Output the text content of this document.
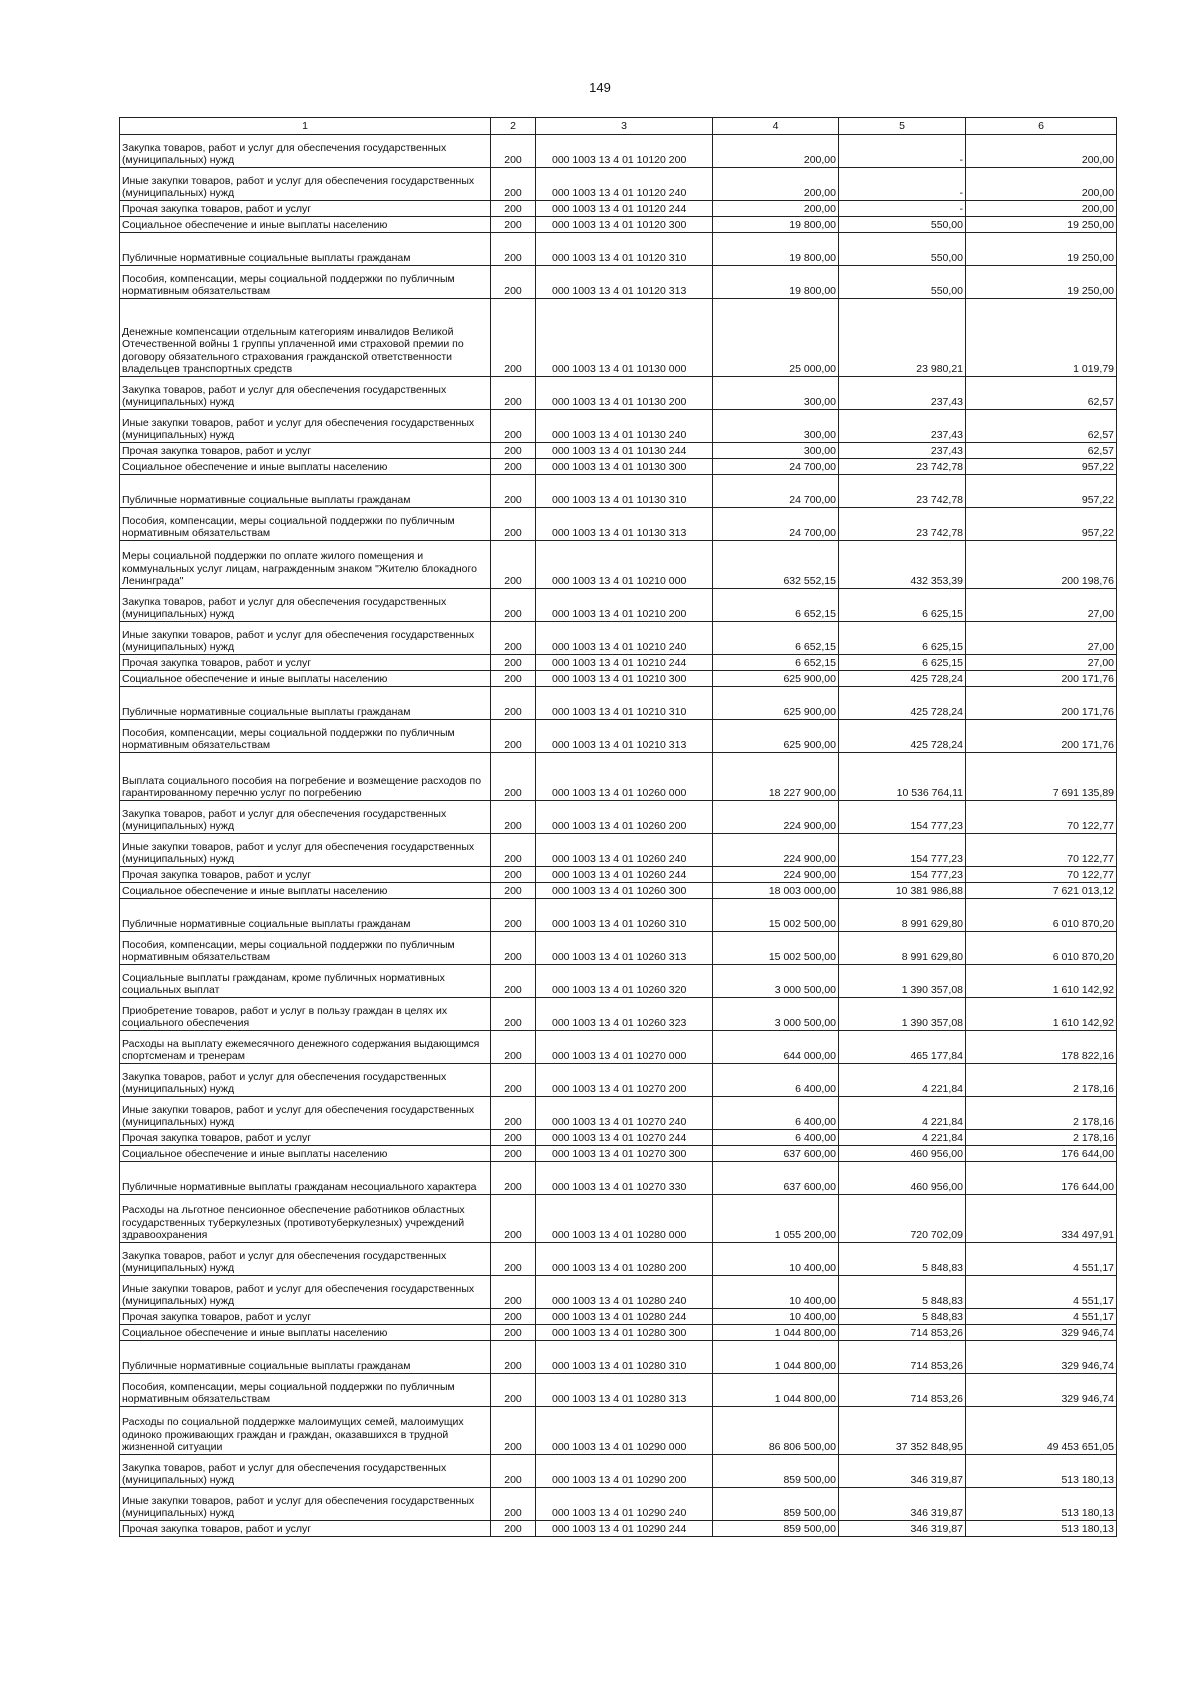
149
1	2	3	4	5	6
Закупка товаров, работ и услуг для обеспечения государственных (муниципальных) нужд	200	000 1003 13 4 01 10120 200	200,00	-	200,00
Иные закупки товаров, работ и услуг для обеспечения государственных (муниципальных) нужд	200	000 1003 13 4 01 10120 240	200,00	-	200,00
Прочая закупка товаров, работ и услуг	200	000 1003 13 4 01 10120 244	200,00	-	200,00
Социальное обеспечение и иные выплаты населению	200	000 1003 13 4 01 10120 300	19 800,00	550,00	19 250,00
Публичные нормативные социальные выплаты гражданам	200	000 1003 13 4 01 10120 310	19 800,00	550,00	19 250,00
Пособия, компенсации, меры социальной поддержки по публичным нормативным обязательствам	200	000 1003 13 4 01 10120 313	19 800,00	550,00	19 250,00
Денежные компенсации отдельным категориям инвалидов Великой Отечественной войны 1 группы уплаченной ими страховой премии по договору обязательного страхования гражданской ответственности владельцев транспортных средств	200	000 1003 13 4 01 10130 000	25 000,00	23 980,21	1 019,79
Закупка товаров, работ и услуг для обеспечения государственных (муниципальных) нужд	200	000 1003 13 4 01 10130 200	300,00	237,43	62,57
Иные закупки товаров, работ и услуг для обеспечения государственных (муниципальных) нужд	200	000 1003 13 4 01 10130 240	300,00	237,43	62,57
Прочая закупка товаров, работ и услуг	200	000 1003 13 4 01 10130 244	300,00	237,43	62,57
Социальное обеспечение и иные выплаты населению	200	000 1003 13 4 01 10130 300	24 700,00	23 742,78	957,22
Публичные нормативные социальные выплаты гражданам	200	000 1003 13 4 01 10130 310	24 700,00	23 742,78	957,22
Пособия, компенсации, меры социальной поддержки по публичным нормативным обязательствам	200	000 1003 13 4 01 10130 313	24 700,00	23 742,78	957,22
Меры социальной поддержки по оплате жилого помещения и коммунальных услуг лицам, награжденным знаком "Жителю блокадного Ленинграда"	200	000 1003 13 4 01 10210 000	632 552,15	432 353,39	200 198,76
Закупка товаров, работ и услуг для обеспечения государственных (муниципальных) нужд	200	000 1003 13 4 01 10210 200	6 652,15	6 625,15	27,00
Иные закупки товаров, работ и услуг для обеспечения государственных (муниципальных) нужд	200	000 1003 13 4 01 10210 240	6 652,15	6 625,15	27,00
Прочая закупка товаров, работ и услуг	200	000 1003 13 4 01 10210 244	6 652,15	6 625,15	27,00
Социальное обеспечение и иные выплаты населению	200	000 1003 13 4 01 10210 300	625 900,00	425 728,24	200 171,76
Публичные нормативные социальные выплаты гражданам	200	000 1003 13 4 01 10210 310	625 900,00	425 728,24	200 171,76
Пособия, компенсации, меры социальной поддержки по публичным нормативным обязательствам	200	000 1003 13 4 01 10210 313	625 900,00	425 728,24	200 171,76
Выплата социального пособия на погребение и возмещение расходов по гарантированному перечню услуг по погребению	200	000 1003 13 4 01 10260 000	18 227 900,00	10 536 764,11	7 691 135,89
Закупка товаров, работ и услуг для обеспечения государственных (муниципальных) нужд	200	000 1003 13 4 01 10260 200	224 900,00	154 777,23	70 122,77
Иные закупки товаров, работ и услуг для обеспечения государственных (муниципальных) нужд	200	000 1003 13 4 01 10260 240	224 900,00	154 777,23	70 122,77
Прочая закупка товаров, работ и услуг	200	000 1003 13 4 01 10260 244	224 900,00	154 777,23	70 122,77
Социальное обеспечение и иные выплаты населению	200	000 1003 13 4 01 10260 300	18 003 000,00	10 381 986,88	7 621 013,12
Публичные нормативные социальные выплаты гражданам	200	000 1003 13 4 01 10260 310	15 002 500,00	8 991 629,80	6 010 870,20
Пособия, компенсации, меры социальной поддержки по публичным нормативным обязательствам	200	000 1003 13 4 01 10260 313	15 002 500,00	8 991 629,80	6 010 870,20
Социальные выплаты гражданам, кроме публичных нормативных социальных выплат	200	000 1003 13 4 01 10260 320	3 000 500,00	1 390 357,08	1 610 142,92
Приобретение товаров, работ и услуг в пользу граждан в целях их социального обеспечения	200	000 1003 13 4 01 10260 323	3 000 500,00	1 390 357,08	1 610 142,92
Расходы на выплату ежемесячного денежного содержания выдающимся спортсменам и тренерам	200	000 1003 13 4 01 10270 000	644 000,00	465 177,84	178 822,16
Закупка товаров, работ и услуг для обеспечения государственных (муниципальных) нужд	200	000 1003 13 4 01 10270 200	6 400,00	4 221,84	2 178,16
Иные закупки товаров, работ и услуг для обеспечения государственных (муниципальных) нужд	200	000 1003 13 4 01 10270 240	6 400,00	4 221,84	2 178,16
Прочая закупка товаров, работ и услуг	200	000 1003 13 4 01 10270 244	6 400,00	4 221,84	2 178,16
Социальное обеспечение и иные выплаты населению	200	000 1003 13 4 01 10270 300	637 600,00	460 956,00	176 644,00
Публичные нормативные выплаты гражданам несоциального характера	200	000 1003 13 4 01 10270 330	637 600,00	460 956,00	176 644,00
Расходы на льготное пенсионное обеспечение работников областных государственных туберкулезных (противотуберкулезных) учреждений здравоохранения	200	000 1003 13 4 01 10280 000	1 055 200,00	720 702,09	334 497,91
Закупка товаров, работ и услуг для обеспечения государственных (муниципальных) нужд	200	000 1003 13 4 01 10280 200	10 400,00	5 848,83	4 551,17
Иные закупки товаров, работ и услуг для обеспечения государственных (муниципальных) нужд	200	000 1003 13 4 01 10280 240	10 400,00	5 848,83	4 551,17
Прочая закупка товаров, работ и услуг	200	000 1003 13 4 01 10280 244	10 400,00	5 848,83	4 551,17
Социальное обеспечение и иные выплаты населению	200	000 1003 13 4 01 10280 300	1 044 800,00	714 853,26	329 946,74
Публичные нормативные социальные выплаты гражданам	200	000 1003 13 4 01 10280 310	1 044 800,00	714 853,26	329 946,74
Пособия, компенсации, меры социальной поддержки по публичным нормативным обязательствам	200	000 1003 13 4 01 10280 313	1 044 800,00	714 853,26	329 946,74
Расходы по социальной поддержке малоимущих семей, малоимущих одиноко проживающих граждан и граждан, оказавшихся в трудной жизненной ситуации	200	000 1003 13 4 01 10290 000	86 806 500,00	37 352 848,95	49 453 651,05
Закупка товаров, работ и услуг для обеспечения государственных (муниципальных) нужд	200	000 1003 13 4 01 10290 200	859 500,00	346 319,87	513 180,13
Иные закупки товаров, работ и услуг для обеспечения государственных (муниципальных) нужд	200	000 1003 13 4 01 10290 240	859 500,00	346 319,87	513 180,13
Прочая закупка товаров, работ и услуг	200	000 1003 13 4 01 10290 244	859 500,00	346 319,87	513 180,13
